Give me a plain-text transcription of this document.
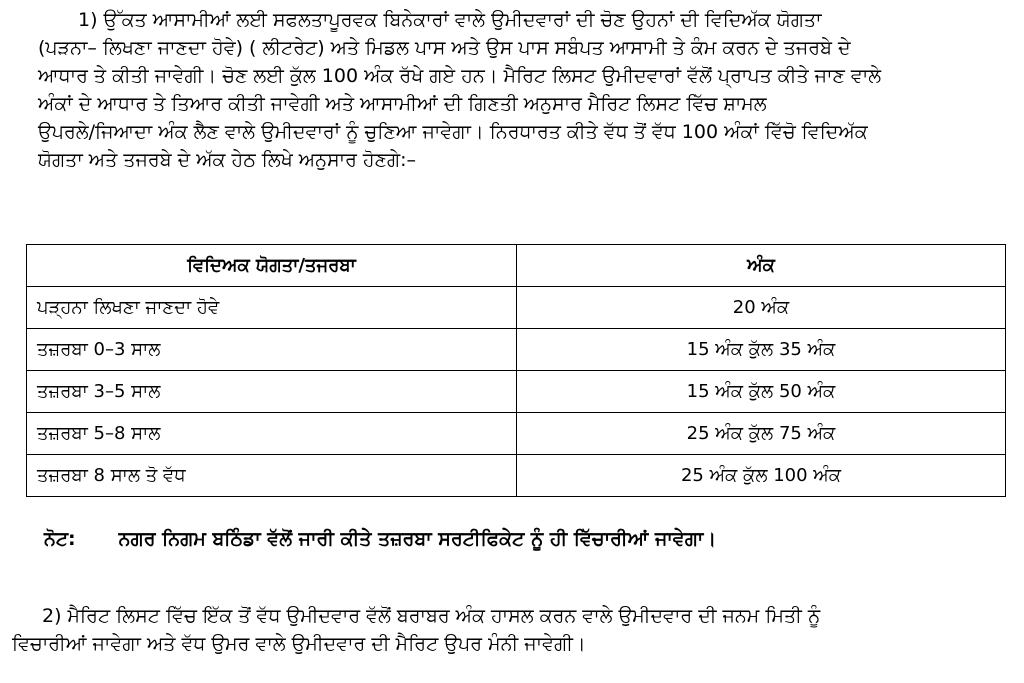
1) ਉੱਕਤ ਆਸਾਮੀਆਂ ਲਈ ਸਫਲਤਾਪੂਰਵਕ ਬਿਨੇਕਾਰਾਂ ਵਾਲੇ ਉਮੀਦਵਾਰਾਂ ਦੀ ਚੋਣ ਉਹਨਾਂ ਦੀ ਵਿਦਿਅੱਕ ਯੋਗਤਾ
(ਪੜਨਾ– ਲਿਖਣਾ ਜਾਣਦਾ ਹੋਵੇ) ( ਲੀਟਰੇਟ) ਅਤੇ ਮਿਡਲ ਪਾਸ ਅਤੇ ਉਸ ਪਾਸ ਸਬੰਪਤ ਆਸਾਮੀ ਤੇ ਕੰਮ ਕਰਨ ਦੇ ਤਜਰਬੇ ਦੇ
ਆਧਾਰ ਤੇ ਕੀਤੀ ਜਾਵੇਗੀ। ਚੋਣ ਲਈ ਕੁੱਲ 100 ਅੰਕ ਰੱਖੇ ਗਏ ਹਨ। ਮੈਰਿਟ ਲਿਸਟ ਉਮੀਦਵਾਰਾਂ ਵੱਲੋਂ ਪ੍ਰਾਪਤ ਕੀਤੇ ਜਾਣ ਵਾਲੇ
ਅੰਕਾਂ ਦੇ ਆਧਾਰ ਤੇ ਤਿਆਰ ਕੀਤੀ ਜਾਵੇਗੀ ਅਤੇ ਆਸਾਮੀਆਂ ਦੀ ਗਿਣਤੀ ਅਨੁਸਾਰ ਮੈਰਿਟ ਲਿਸਟ ਵਿੱਚ ਸ਼ਾਮਲ
ਉਪਰਲੇ/ਜਿਆਦਾ ਅੰਕ ਲੈਣ ਵਾਲੇ ਉਮੀਦਵਾਰਾਂ ਨੂੰ ਚੁਣਿਆ ਜਾਵੇਗਾ। ਨਿਰਧਾਰਤ ਕੀਤੇ ਵੱਧ ਤੋਂ ਵੱਧ 100 ਅੰਕਾਂ ਵਿੱਚੋ ਵਿਦਿਅੱਕ
ਯੋਗਤਾ ਅਤੇ ਤਜਰਬੇ ਦੇ ਅੱਕ ਹੇਠ ਲਿਖੇ ਅਨੁਸਾਰ ਹੋਣਗੇ:–
ਵਿਦਿਅਕ ਯੋਗਤਾ/ਤਜਰਬਾ	ਅੰਕ
ਪੜ੍ਹਨਾ ਲਿਖਣਾ ਜਾਣਦਾ ਹੋਵੇ	20 ਅੰਕ
ਤਜ਼ਰਬਾ 0–3 ਸਾਲ	15 ਅੰਕ ਕੁੱਲ 35 ਅੰਕ
ਤਜ਼ਰਬਾ 3–5 ਸਾਲ	15 ਅੰਕ ਕੁੱਲ 50 ਅੰਕ
ਤਜ਼ਰਬਾ 5–8 ਸਾਲ	25 ਅੰਕ ਕੁੱਲ 75 ਅੰਕ
ਤਜ਼ਰਬਾ 8 ਸਾਲ ਤੋ ਵੱਧ	25 ਅੰਕ ਕੁੱਲ 100 ਅੰਕ
ਨੋਟ: ਨਗਰ ਨਿਗਮ ਬਠਿੰਡਾ ਵੱਲੋਂ ਜਾਰੀ ਕੀਤੇ ਤਜ਼ਰਬਾ ਸਰਟੀਫਿਕੇਟ ਨੂੰ ਹੀ ਵਿੱਚਾਰੀਆਂ ਜਾਵੇਗਾ।
2) ਮੈਰਿਟ ਲਿਸਟ ਵਿੱਚ ਇੱਕ ਤੋਂ ਵੱਧ ਉਮੀਦਵਾਰ ਵੱਲੋਂ ਬਰਾਬਰ ਅੰਕ ਹਾਸਲ ਕਰਨ ਵਾਲੇ ਉਮੀਦਵਾਰ ਦੀ ਜਨਮ ਮਿਤੀ ਨੂੰ
ਵਿਚਾਰੀਆਂ ਜਾਵੇਗਾ ਅਤੇ ਵੱਧ ਉਮਰ ਵਾਲੇ ਉਮੀਦਵਾਰ ਦੀ ਮੈਰਿਟ ਉਪਰ ਮੰਨੀ ਜਾਵੇਗੀ।
